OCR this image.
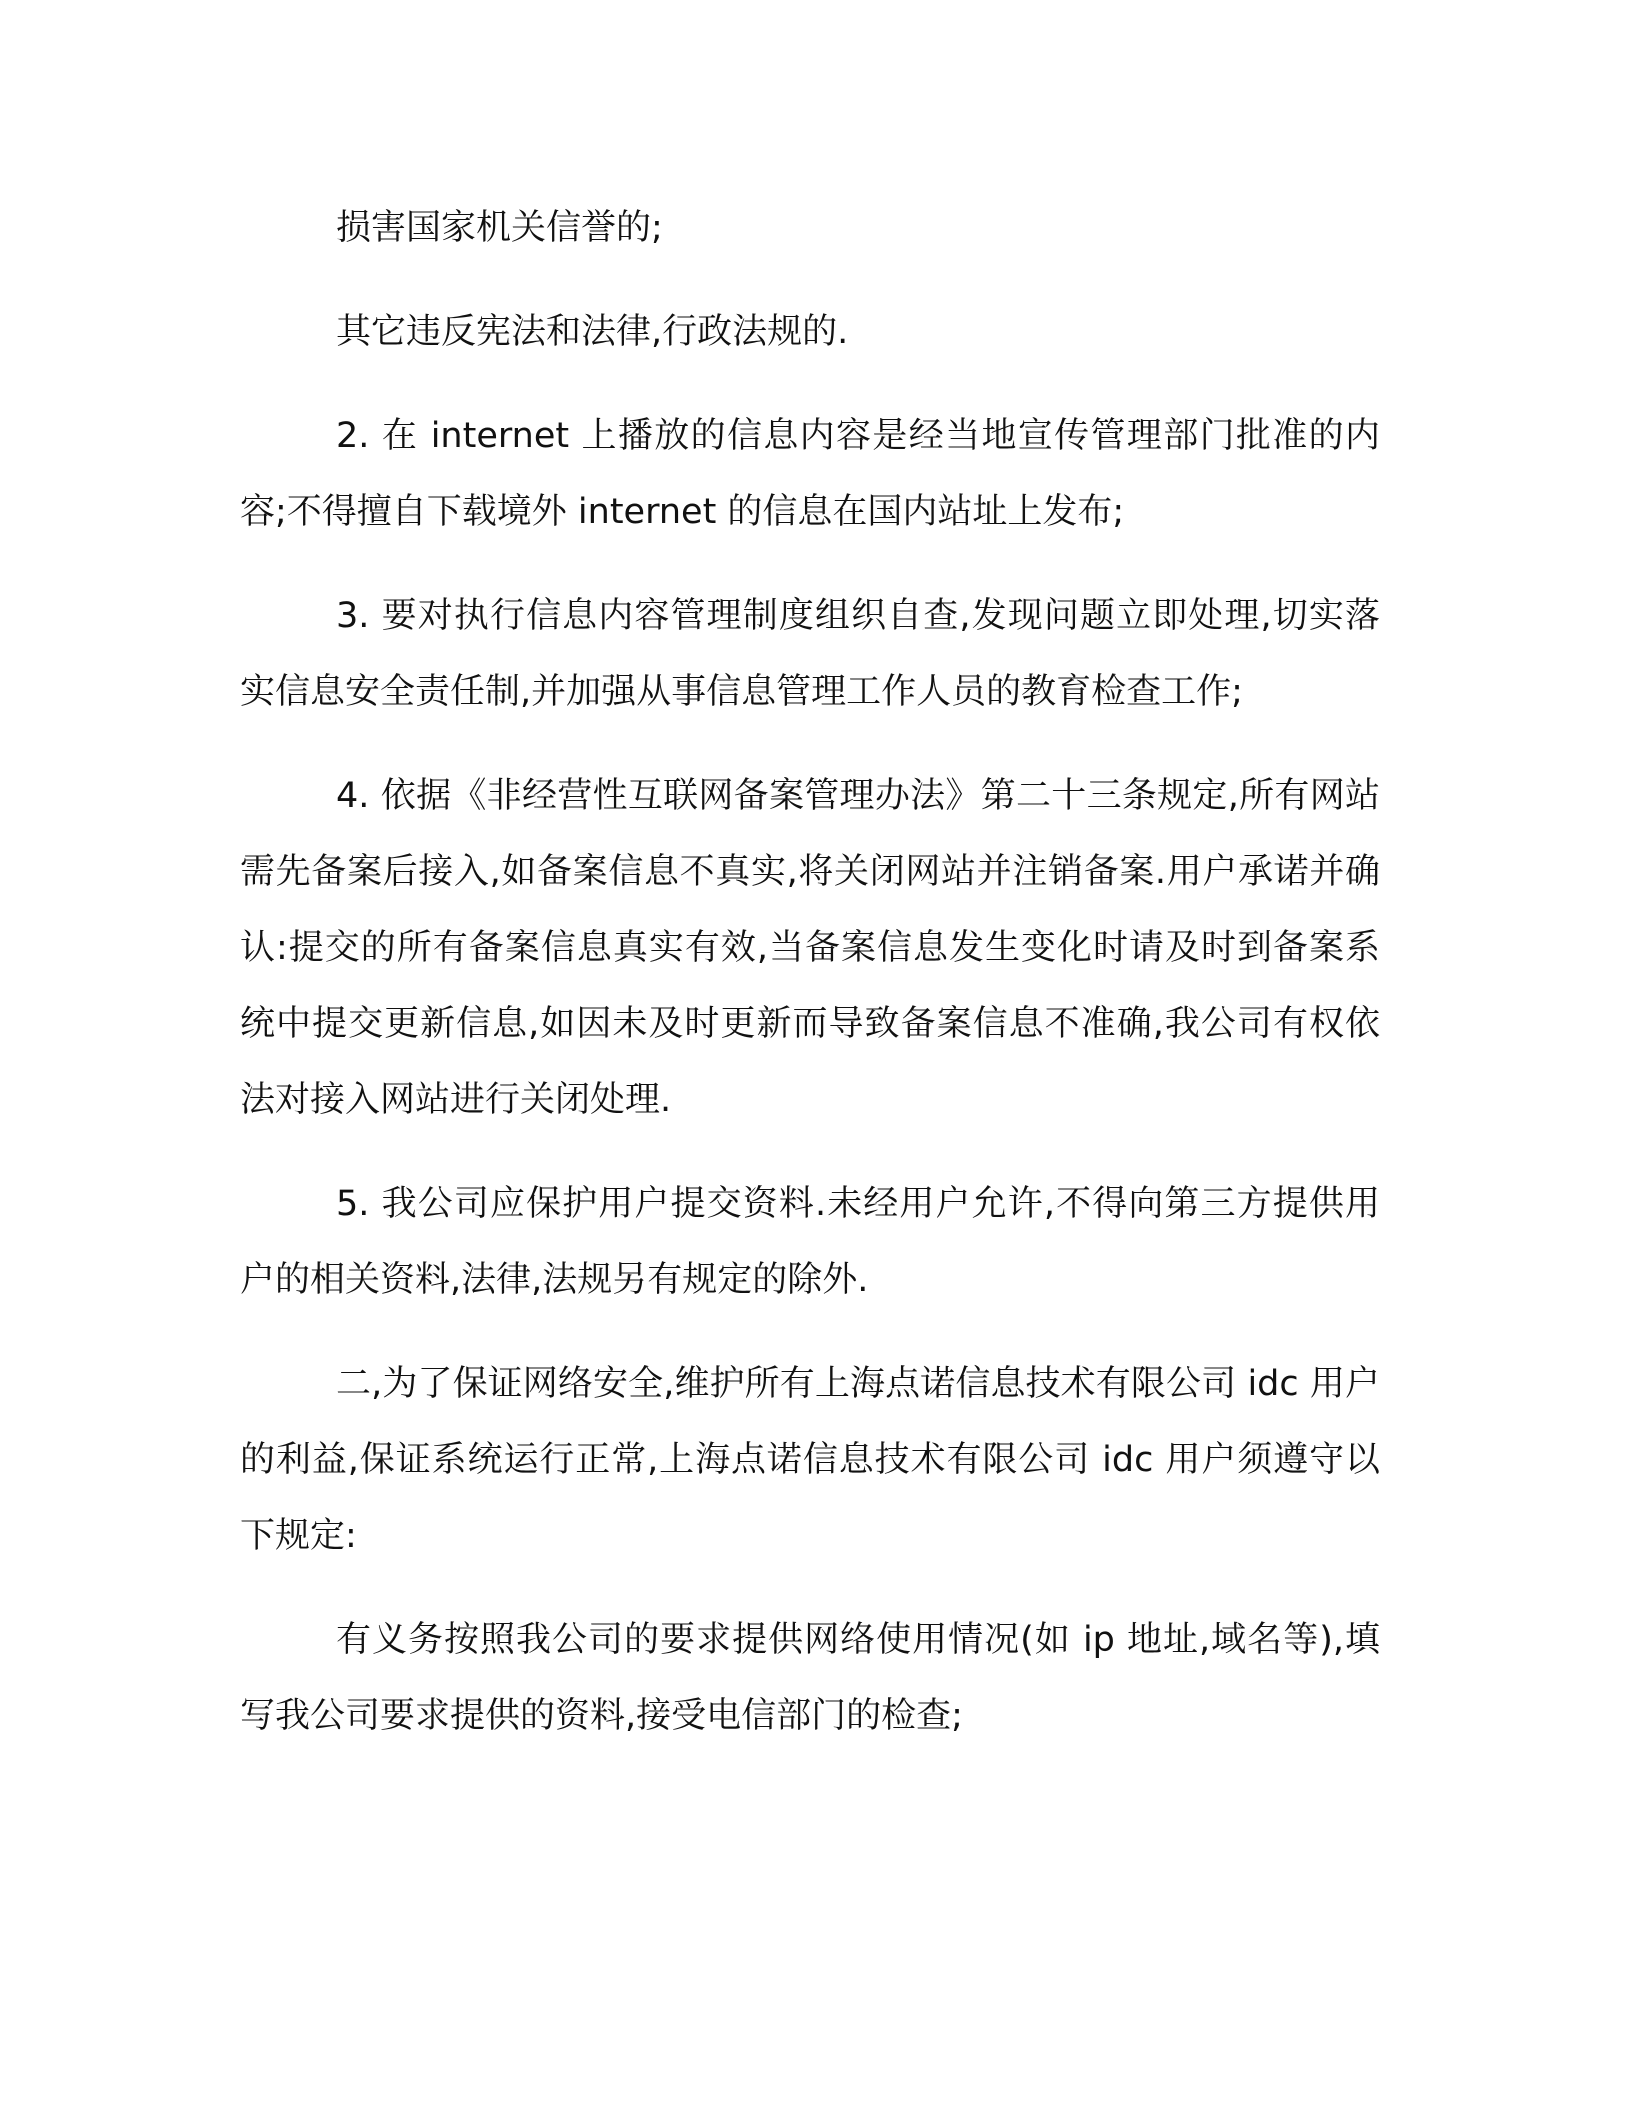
损害国家机关信誉的;

其它违反宪法和法律,行政法规的.

2. 在 internet 上播放的信息内容是经当地宣传管理部门批准的内容;不得擅自下载境外 internet 的信息在国内站址上发布;

3. 要对执行信息内容管理制度组织自查,发现问题立即处理,切实落实信息安全责任制,并加强从事信息管理工作人员的教育检查工作;

4. 依据《非经营性互联网备案管理办法》第二十三条规定,所有网站需先备案后接入,如备案信息不真实,将关闭网站并注销备案.用户承诺并确认:提交的所有备案信息真实有效,当备案信息发生变化时请及时到备案系统中提交更新信息,如因未及时更新而导致备案信息不准确,我公司有权依法对接入网站进行关闭处理.

5. 我公司应保护用户提交资料.未经用户允许,不得向第三方提供用户的相关资料,法律,法规另有规定的除外.

二,为了保证网络安全,维护所有上海点诺信息技术有限公司 idc 用户的利益,保证系统运行正常,上海点诺信息技术有限公司 idc 用户须遵守以下规定:

有义务按照我公司的要求提供网络使用情况(如 ip 地址,域名等),填写我公司要求提供的资料,接受电信部门的检查;
